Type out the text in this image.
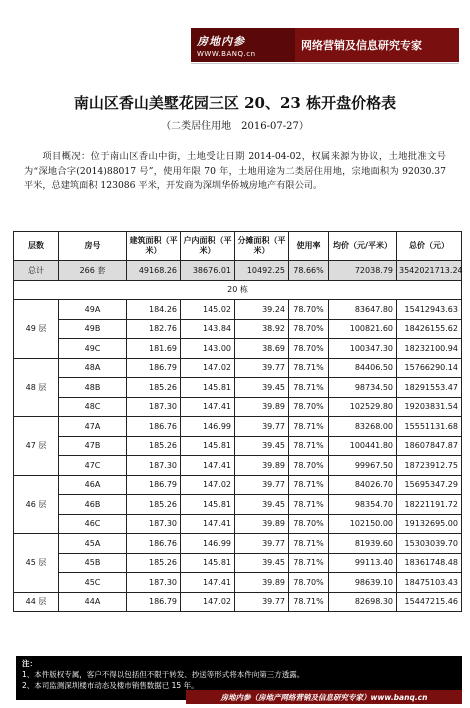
房地内参
WWW.BANQ.cn
网络营销及信息研究专家
南山区香山美墅花园三区 20、23 栋开盘价格表
（二类居住用地　2016-07-27）
项目概况：位于南山区香山中街，土地受让日期 2014-04-02，权属来源为协议，土地批准文号为“深地合字(2014)88017 号”，使用年限 70 年，土地用途为二类居住用地，宗地面积为 92030.37 平米，总建筑面积 123086 平米，开发商为深圳华侨城房地产有限公司。
层数	房号	建筑面积（平米）	户内面积（平米）	分摊面积（平米）	使用率	均价（元/平米）	总价（元）
总计	266 套	49168.26	38676.01	10492.25	78.66%	72038.79	3542021713.24
20 栋							
49 层	49A	184.26	145.02	39.24	78.70%	83647.80	15412943.63
	49B	182.76	143.84	38.92	78.70%	100821.60	18426155.62
	49C	181.69	143.00	38.69	78.70%	100347.30	18232100.94
48 层	48A	186.79	147.02	39.77	78.71%	84406.50	15766290.14
	48B	185.26	145.81	39.45	78.71%	98734.50	18291553.47
	48C	187.30	147.41	39.89	78.70%	102529.80	19203831.54
47 层	47A	186.76	146.99	39.77	78.71%	83268.00	15551131.68
	47B	185.26	145.81	39.45	78.71%	100441.80	18607847.87
	47C	187.30	147.41	39.89	78.70%	99967.50	18723912.75
46 层	46A	186.79	147.02	39.77	78.71%	84026.70	15695347.29
	46B	185.26	145.81	39.45	78.71%	98354.70	18221191.72
	46C	187.30	147.41	39.89	78.70%	102150.00	19132695.00
45 层	45A	186.76	146.99	39.77	78.71%	81939.60	15303039.70
	45B	185.26	145.81	39.45	78.71%	99113.40	18361748.48
	45C	187.30	147.41	39.89	78.70%	98639.10	18475103.43
44 层	44A	186.79	147.02	39.77	78.71%	82698.30	15447215.46
注：
1、本件版权专属，客户不得以包括但不限于转发、抄送等形式将本件向第三方透露。
2、本司监测深圳楼市动态及楼市销售数据已 15 年。
房地内参（房地产网络营销及信息研究专家）www.banq.cn
